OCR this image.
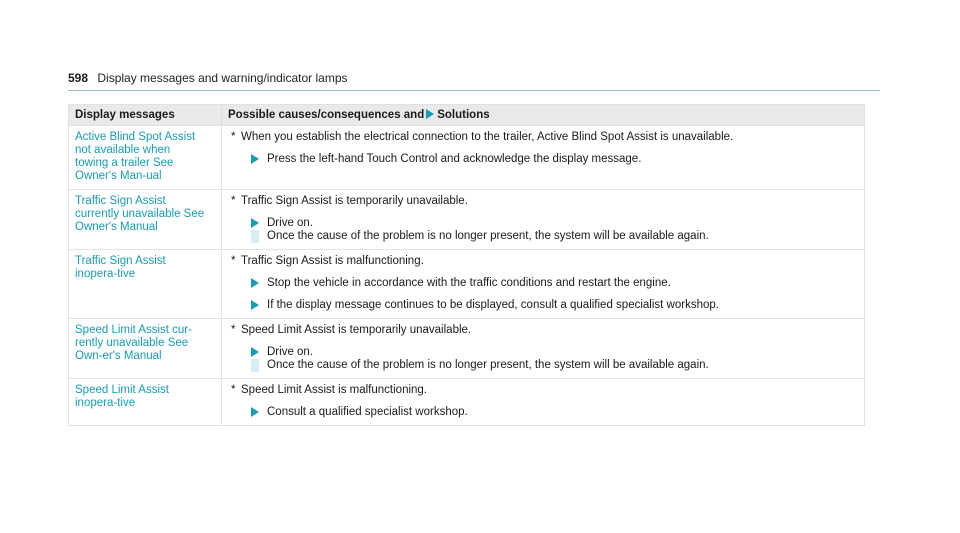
598 Display messages and warning/indicator lamps
Display messages	Possible causes/consequences and Solutions

Active Blind Spot Assist not available when towing a trailer See Owner's Man-ual	* When you establish the electrical connection to the trailer, Active Blind Spot Assist is unavailable.
Press the left-hand Touch Control and acknowledge the display message.

Traffic Sign Assist currently unavailable See Owner's Manual	* Traffic Sign Assist is temporarily unavailable.
Drive on.
Once the cause of the problem is no longer present, the system will be available again.

Traffic Sign Assist inopera-tive	* Traffic Sign Assist is malfunctioning.
Stop the vehicle in accordance with the traffic conditions and restart the engine.
If the display message continues to be displayed, consult a qualified specialist workshop.

Speed Limit Assist cur-rently unavailable See Own-er's Manual	* Speed Limit Assist is temporarily unavailable.
Drive on.
Once the cause of the problem is no longer present, the system will be available again.

Speed Limit Assist inopera-tive	* Speed Limit Assist is malfunctioning.
Consult a qualified specialist workshop.
